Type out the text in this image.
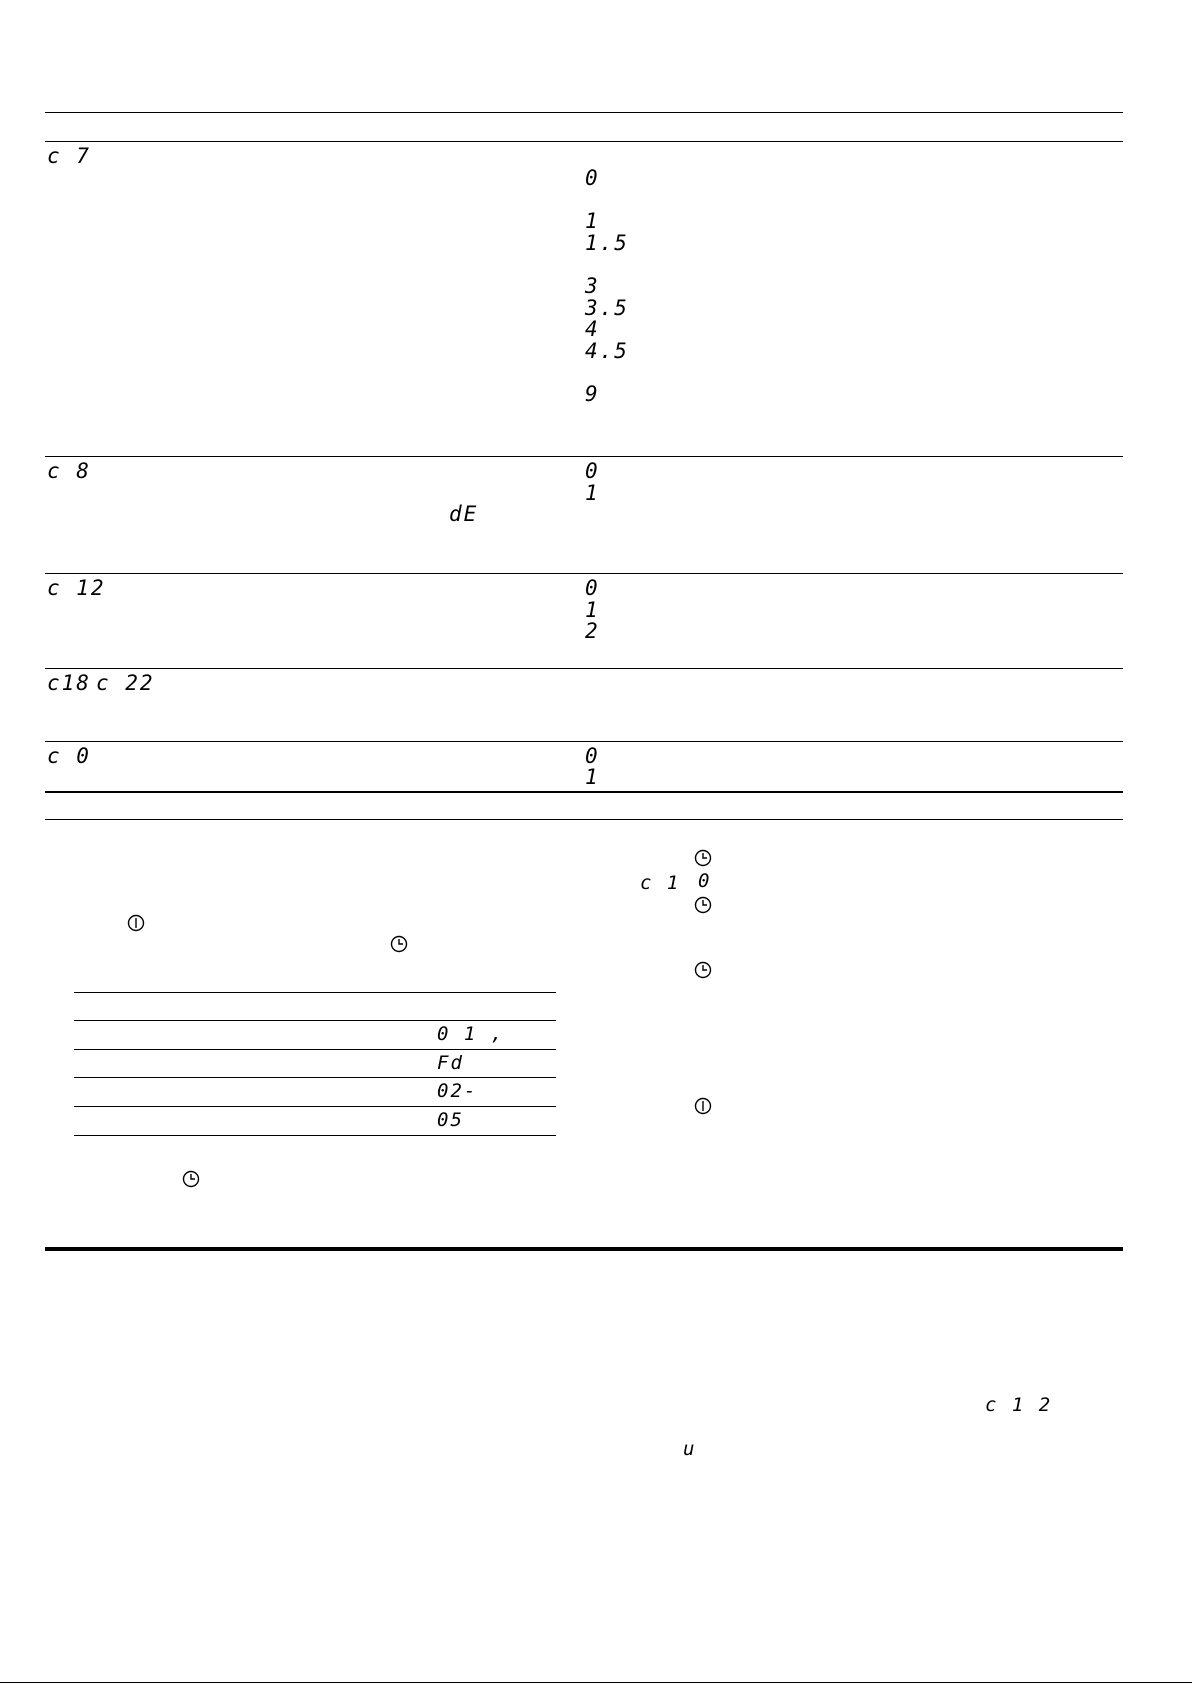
c 7
0
1
1.5
3
3.5
4
4.5
9
c 8
dE
0
1
c 12	0
1
2
c18 c 22
c 0	0
1
0 1 ,
Fd
02-
05
c 1 0
c 1 2
u
